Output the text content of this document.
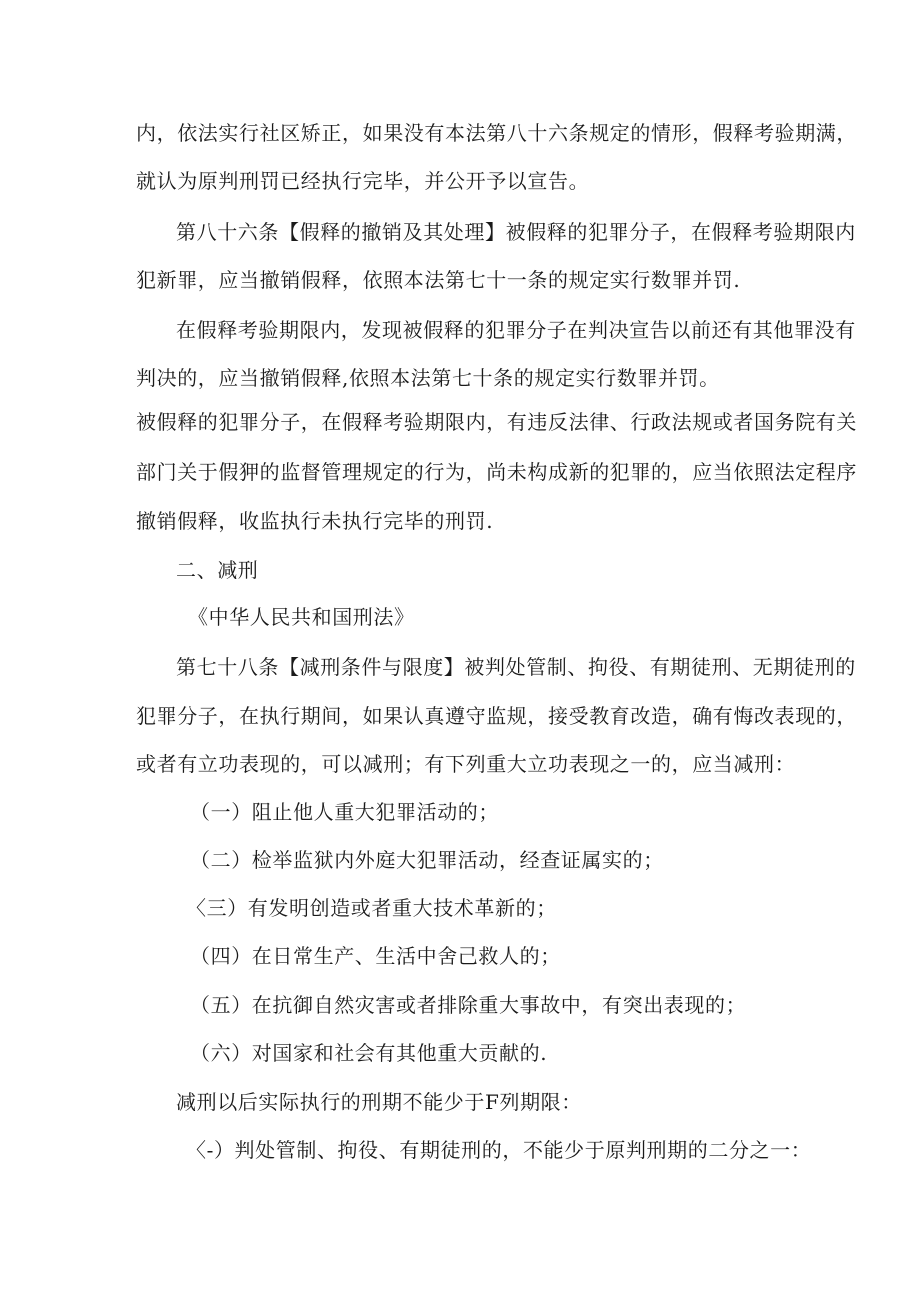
内，依法实行社区矫正，如果没有本法第八十六条规定的情形，假释考验期满，
就认为原判刑罚已经执行完毕，并公开予以宣告。
第八十六条【假释的撤销及其处理】被假释的犯罪分子，在假释考验期限内
犯新罪，应当撤销假释，依照本法第七十一条的规定实行数罪并罚.
在假释考验期限内，发现被假释的犯罪分子在判决宣告以前还有其他罪没有
判决的，应当撤销假释,依照本法第七十条的规定实行数罪并罚。
被假释的犯罪分子，在假释考验期限内，有违反法律、行政法规或者国务院有关
部门关于假狎的监督管理规定的行为，尚未构成新的犯罪的，应当依照法定程序
撤销假释，收监执行未执行完毕的刑罚.
二、减刑
《中华人民共和国刑法》
第七十八条【减刑条件与限度】被判处管制、拘役、有期徒刑、无期徒刑的
犯罪分子，在执行期间，如果认真遵守监规，接受教育改造，确有悔改表现的，
或者有立功表现的，可以减刑；有下列重大立功表现之一的，应当减刑：
（一）阻止他人重大犯罪活动的；
（二）检举监狱内外庭大犯罪活动，经查证属实的；
〈三）有发明创造或者重大技术革新的；
（四）在日常生产、生活中舍己救人的；
（五）在抗御自然灾害或者排除重大事故中，有突出表现的；
（六）对国家和社会有其他重大贡献的.
减刑以后实际执行的刑期不能少于F列期限：
〈-）判处管制、拘役、有期徒刑的，不能少于原判刑期的二分之一：
